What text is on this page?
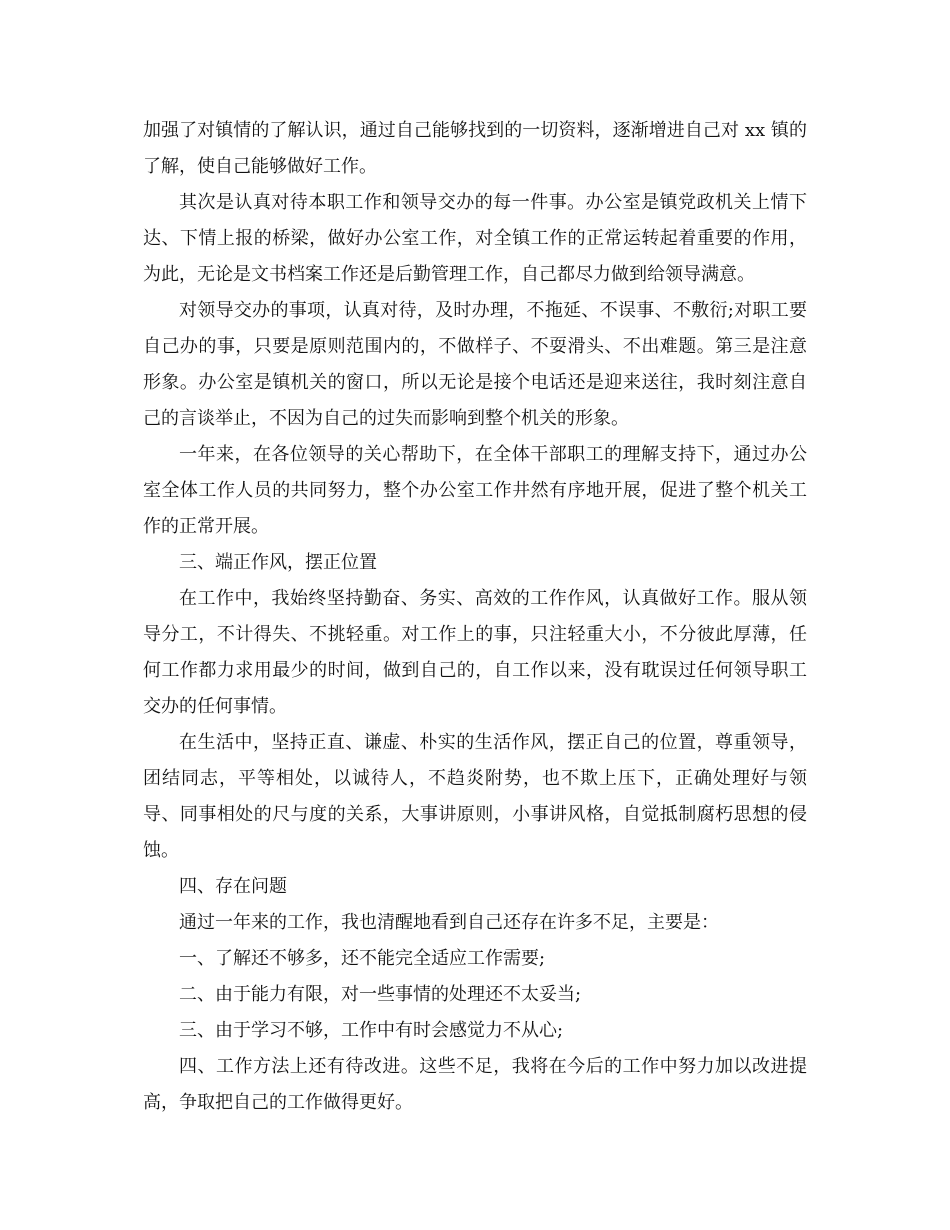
加强了对镇情的了解认识，通过自己能够找到的一切资料，逐渐增进自己对 xx 镇的了解，使自己能够做好工作。

其次是认真对待本职工作和领导交办的每一件事。办公室是镇党政机关上情下达、下情上报的桥梁，做好办公室工作，对全镇工作的正常运转起着重要的作用，为此，无论是文书档案工作还是后勤管理工作，自己都尽力做到给领导满意。

对领导交办的事项，认真对待，及时办理，不拖延、不误事、不敷衍;对职工要自己办的事，只要是原则范围内的，不做样子、不耍滑头、不出难题。第三是注意形象。办公室是镇机关的窗口，所以无论是接个电话还是迎来送往，我时刻注意自己的言谈举止，不因为自己的过失而影响到整个机关的形象。

一年来，在各位领导的关心帮助下，在全体干部职工的理解支持下，通过办公室全体工作人员的共同努力，整个办公室工作井然有序地开展，促进了整个机关工作的正常开展。

三、端正作风，摆正位置

在工作中，我始终坚持勤奋、务实、高效的工作作风，认真做好工作。服从领导分工，不计得失、不挑轻重。对工作上的事，只注轻重大小，不分彼此厚薄，任何工作都力求用最少的时间，做到自己的，自工作以来，没有耽误过任何领导职工交办的任何事情。

在生活中，坚持正直、谦虚、朴实的生活作风，摆正自己的位置，尊重领导，团结同志，平等相处，以诚待人，不趋炎附势，也不欺上压下，正确处理好与领导、同事相处的尺与度的关系，大事讲原则，小事讲风格，自觉抵制腐朽思想的侵蚀。

四、存在问题

通过一年来的工作，我也清醒地看到自己还存在许多不足，主要是：

一、了解还不够多，还不能完全适应工作需要;

二、由于能力有限，对一些事情的处理还不太妥当;

三、由于学习不够，工作中有时会感觉力不从心;

四、工作方法上还有待改进。这些不足，我将在今后的工作中努力加以改进提高，争取把自己的工作做得更好。
